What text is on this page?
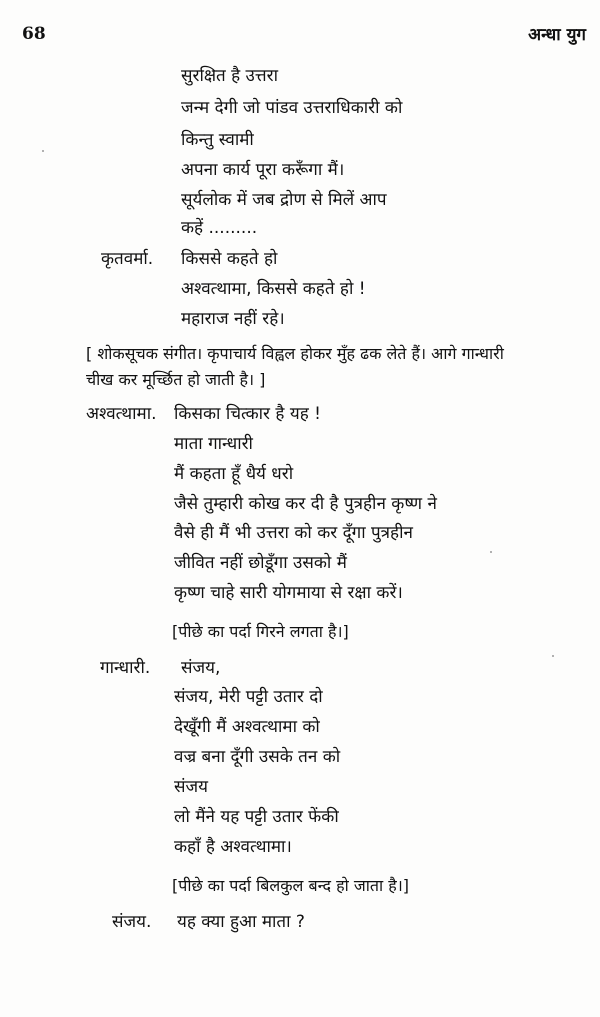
68	अन्धा युग
सुरक्षित है उत्तरा
जन्म देगी जो पांडव उत्तराधिकारी को
किन्तु स्वामी
अपना कार्य पूरा करूँगा मैं।
सूर्यलोक में जब द्रोण से मिलें आप
कहें .........
कृतवर्मा. किससे कहते हो
अश्वत्थामा, किससे कहते हो !
महाराज नहीं रहे।
[ शोकसूचक संगीत। कृपाचार्य विह्वल होकर मुँह ढक लेते हैं। आगे गान्धारी
चीख कर मूर्च्छित हो जाती है। ]
अश्वत्थामा. किसका चित्कार है यह !
माता गान्धारी
मैं कहता हूँ धैर्य धरो
जैसे तुम्हारी कोख कर दी है पुत्रहीन कृष्ण ने
वैसे ही मैं भी उत्तरा को कर दूँगा पुत्रहीन
जीवित नहीं छोडूँगा उसको मैं
कृष्ण चाहे सारी योगमाया से रक्षा करें।
[पीछे का पर्दा गिरने लगता है।]
गान्धारी. संजय,
संजय, मेरी पट्टी उतार दो
देखूँगी मैं अश्वत्थामा को
वज्र बना दूँगी उसके तन को
संजय
लो मैंने यह पट्टी उतार फेंकी
कहाँ है अश्वत्थामा।
[पीछे का पर्दा बिलकुल बन्द हो जाता है।]
संजय. यह क्या हुआ माता ?
